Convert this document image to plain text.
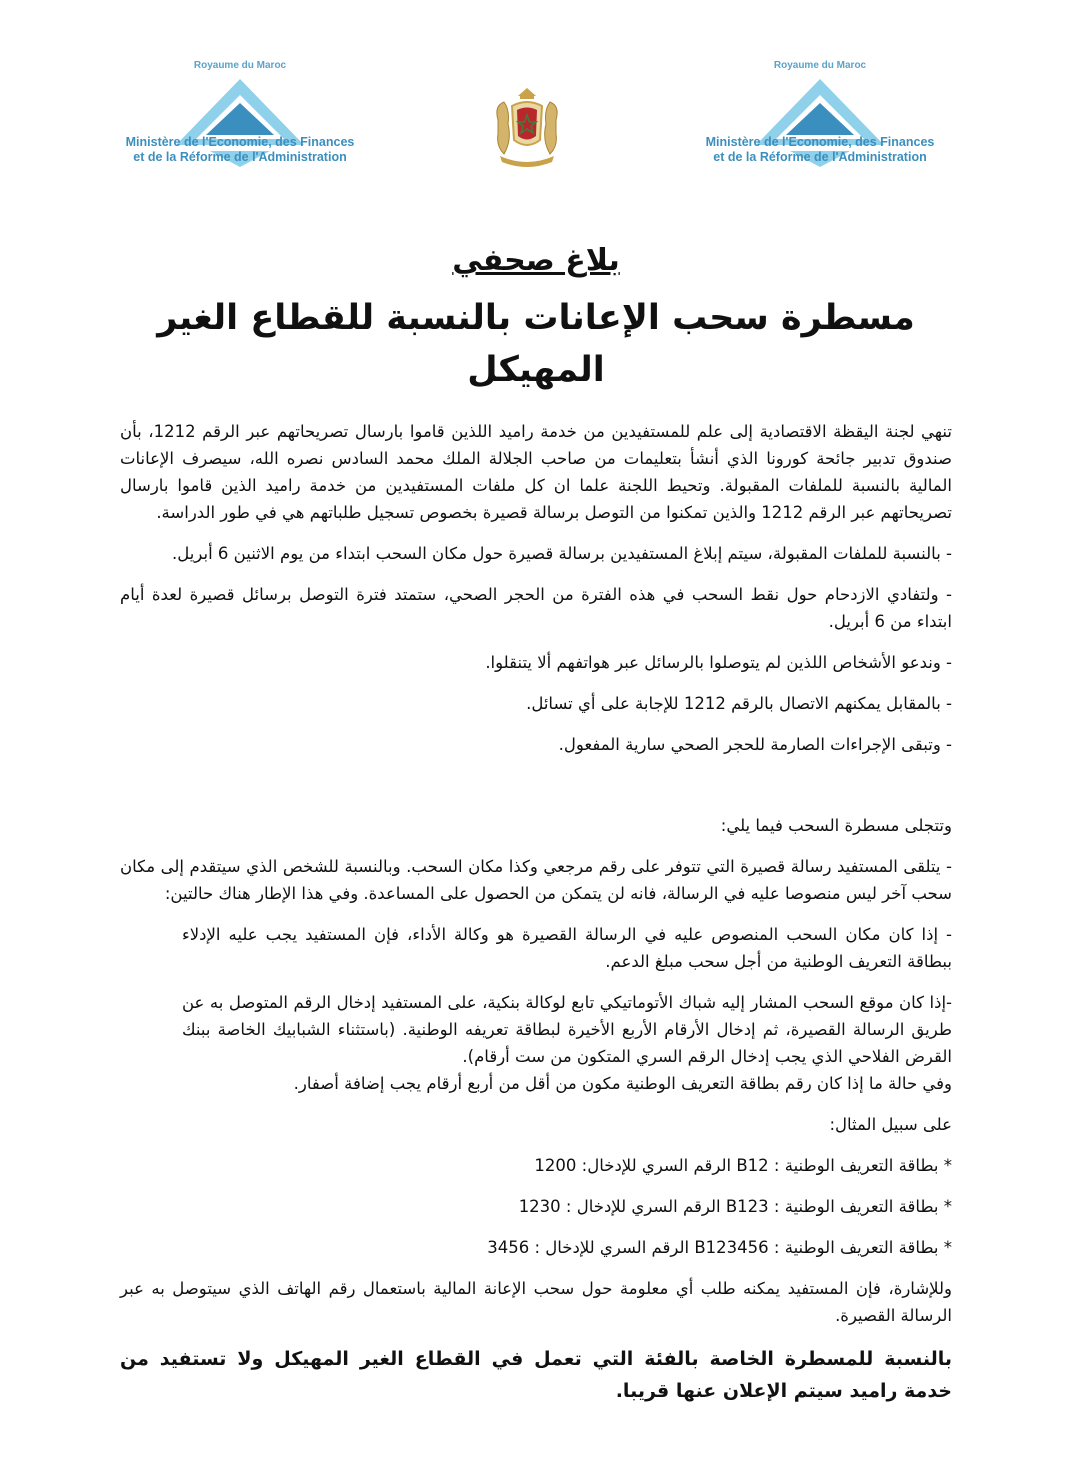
Royaume du Maroc
Ministère de l'Economie, des Finances
et de la Réforme de l'Administration
Royaume du Maroc
Ministère de l'Economie, des Finances
et de la Réforme de l'Administration
بلاغ صحفي
مسطرة سحب الإعانات بالنسبة للقطاع الغير المهيكل

تنهي لجنة اليقظة الاقتصادية إلى علم للمستفيدين من خدمة راميد اللذين قاموا بارسال تصريحاتهم عبر الرقم 1212، بأن صندوق تدبير جائحة كورونا الذي أنشأ بتعليمات من صاحب الجلالة الملك محمد السادس نصره الله، سيصرف الإعانات المالية بالنسبة للملفات المقبولة. وتحيط اللجنة علما ان كل ملفات المستفيدين من خدمة راميد الذين قاموا بارسال تصريحاتهم عبر الرقم 1212 والذين تمكنوا من التوصل برسالة قصيرة بخصوص تسجيل طلباتهم هي في طور الدراسة.

- بالنسبة للملفات المقبولة، سيتم إبلاغ المستفيدين برسالة قصيرة حول مكان السحب ابتداء من يوم الاثنين 6 أبريل.

- ولتفادي الازدحام حول نقط السحب في هذه الفترة من الحجر الصحي، ستمتد فترة التوصل برسائل قصيرة لعدة أيام ابتداء من 6 أبريل.

- وندعو الأشخاص اللذين لم يتوصلوا بالرسائل عبر هواتفهم ألا يتنقلوا.

- بالمقابل يمكنهم الاتصال بالرقم 1212 للإجابة على أي تسائل.

- وتبقى الإجراءات الصارمة للحجر الصحي سارية المفعول.

وتتجلى مسطرة السحب فيما يلي:

- يتلقى المستفيد رسالة قصيرة التي تتوفر على رقم مرجعي وكذا مكان السحب. وبالنسبة للشخص الذي سيتقدم إلى مكان سحب آخر ليس منصوصا عليه في الرسالة، فانه لن يتمكن من الحصول على المساعدة. وفي هذا الإطار هناك حالتين:

- إذا كان مكان السحب المنصوص عليه في الرسالة القصيرة هو وكالة الأداء، فإن المستفيد يجب عليه الإدلاء ببطاقة التعريف الوطنية من أجل سحب مبلغ الدعم.

-إذا كان موقع السحب المشار إليه شباك الأتوماتيكي تابع لوكالة بنكية، على المستفيد إدخال الرقم المتوصل به عن طريق الرسالة القصيرة، ثم إدخال الأرقام الأربع الأخيرة لبطاقة تعريفه الوطنية. (باستثناء الشبابيك الخاصة ببنك القرض الفلاحي الذي يجب إدخال الرقم السري المتكون من ست أرقام).

وفي حالة ما إذا كان رقم بطاقة التعريف الوطنية مكون من أقل من أربع أرقام يجب إضافة أصفار.

على سبيل المثال:

* بطاقة التعريف الوطنية : B12 الرقم السري للإدخال: 1200

* بطاقة التعريف الوطنية : B123 الرقم السري للإدخال : 1230

* بطاقة التعريف الوطنية : B123456 الرقم السري للإدخال : 3456

وللإشارة، فإن المستفيد يمكنه طلب أي معلومة حول سحب الإعانة المالية باستعمال رقم الهاتف الذي سيتوصل به عبر الرسالة القصيرة.

بالنسبة للمسطرة الخاصة بالفئة التي تعمل في القطاع الغير المهيكل ولا تستفيد من خدمة راميد سيتم الإعلان عنها قريبا.
